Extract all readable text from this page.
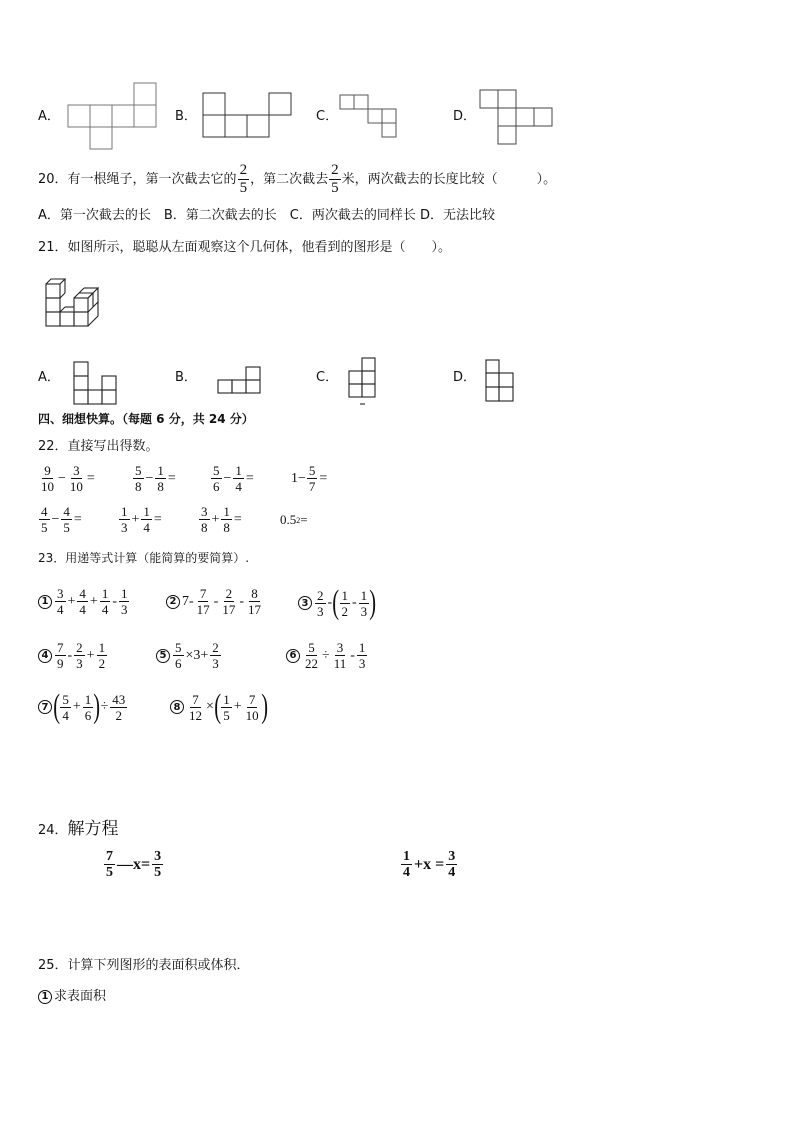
A．	B．	C．	D．
20． 有一根绳子，第一次截去它的 $\frac{2}{5}$ ，第二次截去 $\frac{2}{5}$ 米，两次截去的长度比较（　　　）。
A．第一次截去的长　B．第二次截去的长　C．两次截去的同样长 D．无法比较
21．如图所示，聪聪从左面观察这个几何体，他看到的图形是（　　）。
A．	B．	C．	D．
四、细想快算。（每题 6 分，共 24 分）
22．直接写出得数。
$\frac{9}{10} - \frac{3}{10}$ =	$\frac{5}{8} - \frac{1}{8}$ =	$\frac{5}{6} - \frac{1}{4}$ =	$1- \frac{5}{7}$ =
$\frac{4}{5} - \frac{4}{5}$ =	$\frac{1}{3} + \frac{1}{4}$ =	$\frac{3}{8} + \frac{1}{8}$ =	0.5 2 =
23．用递等式计算（能简算的要简算）.
$1 \frac{3}{4} + \frac{4}{4} + \frac{1}{4} - \frac{1}{3}$	2 $7- \frac{7}{17} - \frac{2}{17} - \frac{8}{17}$	$3 \frac{2}{3}$ - ( $\frac{1}{2} - \frac{1}{3}$ )
$4 \frac{7}{9} - \frac{2}{3} + \frac{1}{2}$	$5 \frac{5}{6} \times 3+ \frac{2}{3}$	$6 \frac{5}{22} \div \frac{3}{11} - \frac{1}{3}$
7 ( $\frac{5}{4} + \frac{1}{6}$ ) ÷ $\frac{43}{2}$	$8 \frac{7}{12}$ × ( $\frac{1}{5} + \frac{7}{10}$ )
24． 解方程
$\frac{7}{5}$ —x= $\frac{3}{5}$	$\frac{1}{4} +x = \frac{3}{4}$
25．计算下列图形的表面积或体积．
1 求表面积
